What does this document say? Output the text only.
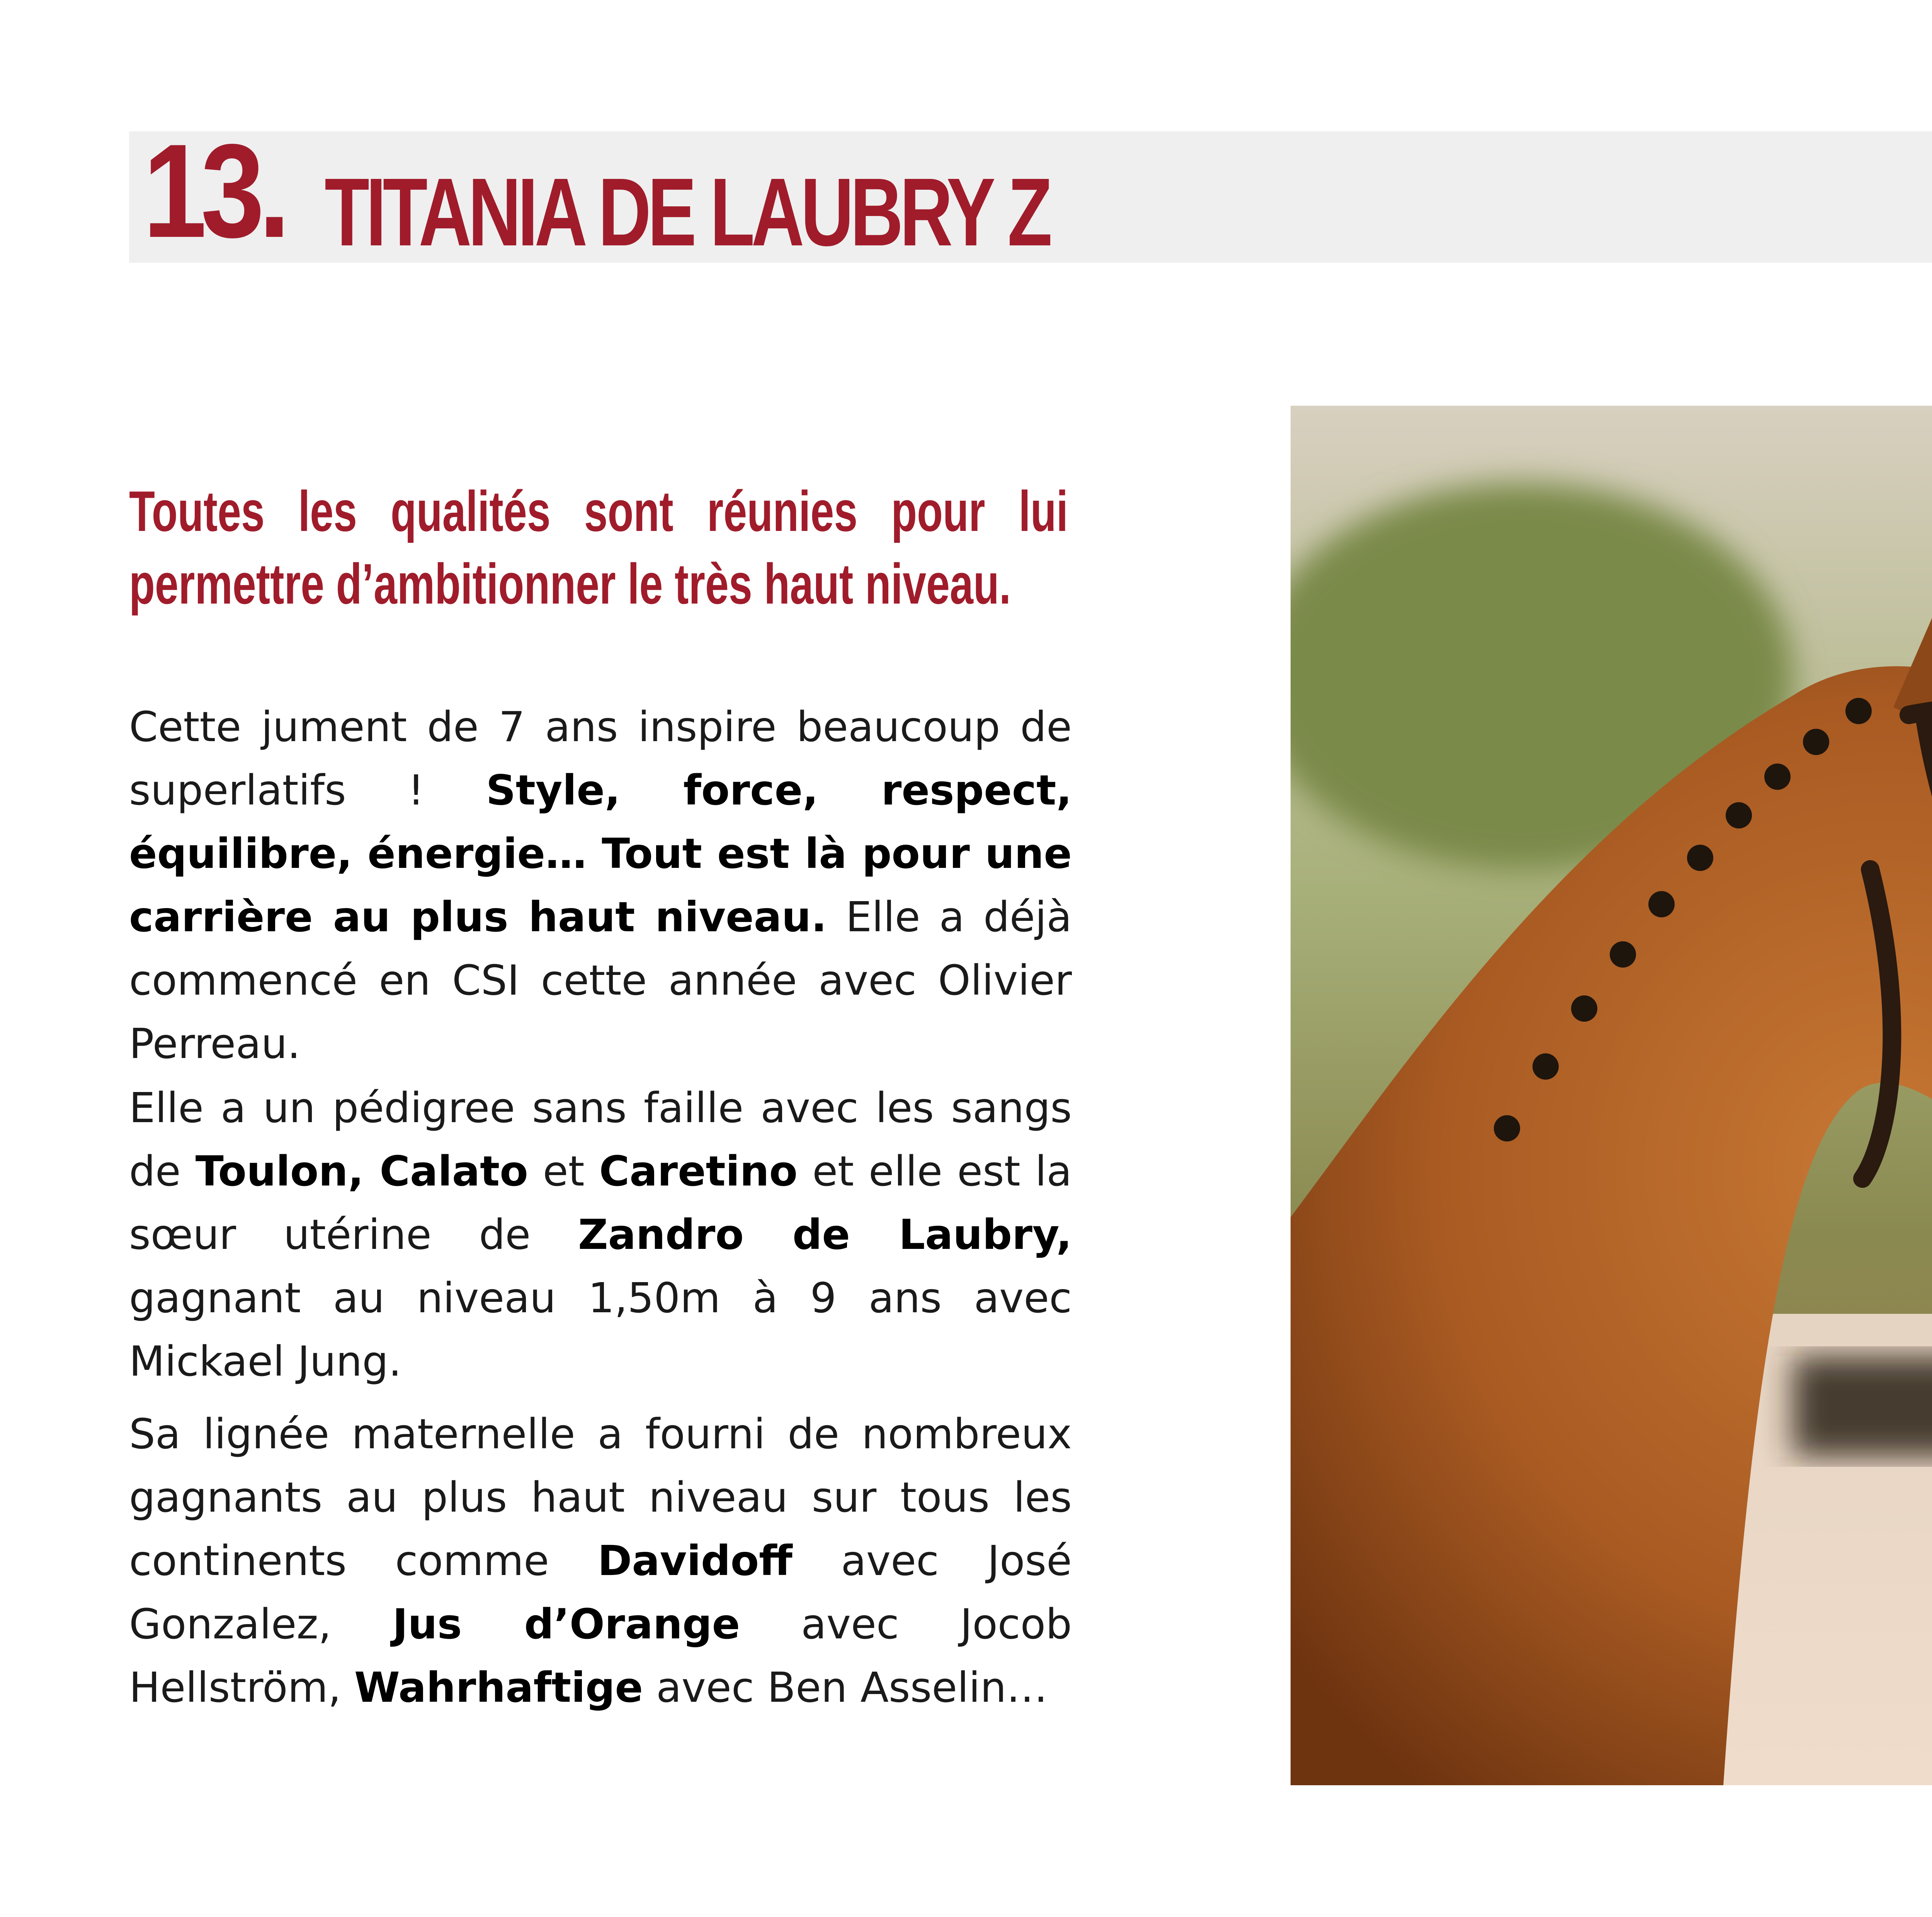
13. TITANIA DE LAUBRY Z
Toutes les qualités sont réunies pour lui
permettre d’ambitionner le très haut niveau.
Cette jument de 7 ans inspire beaucoup de superlatifs ! Style, force, respect, équilibre, énergie… Tout est là pour une carrière au plus haut niveau. Elle a déjà commencé en CSI cette année avec Olivier Perreau.
Elle a un pédigree sans faille avec les sangs de Toulon, Calato et Caretino et elle est la sœur utérine de Zandro de Laubry, gagnant au niveau 1,50m à 9 ans avec Mickael Jung.
Sa lignée maternelle a fourni de nombreux gagnants au plus haut niveau sur tous les continents comme Davidoff avec José Gonzalez, Jus d’Orange avec Jocob Hellström, Wahrhaftige avec Ben Asselin…
